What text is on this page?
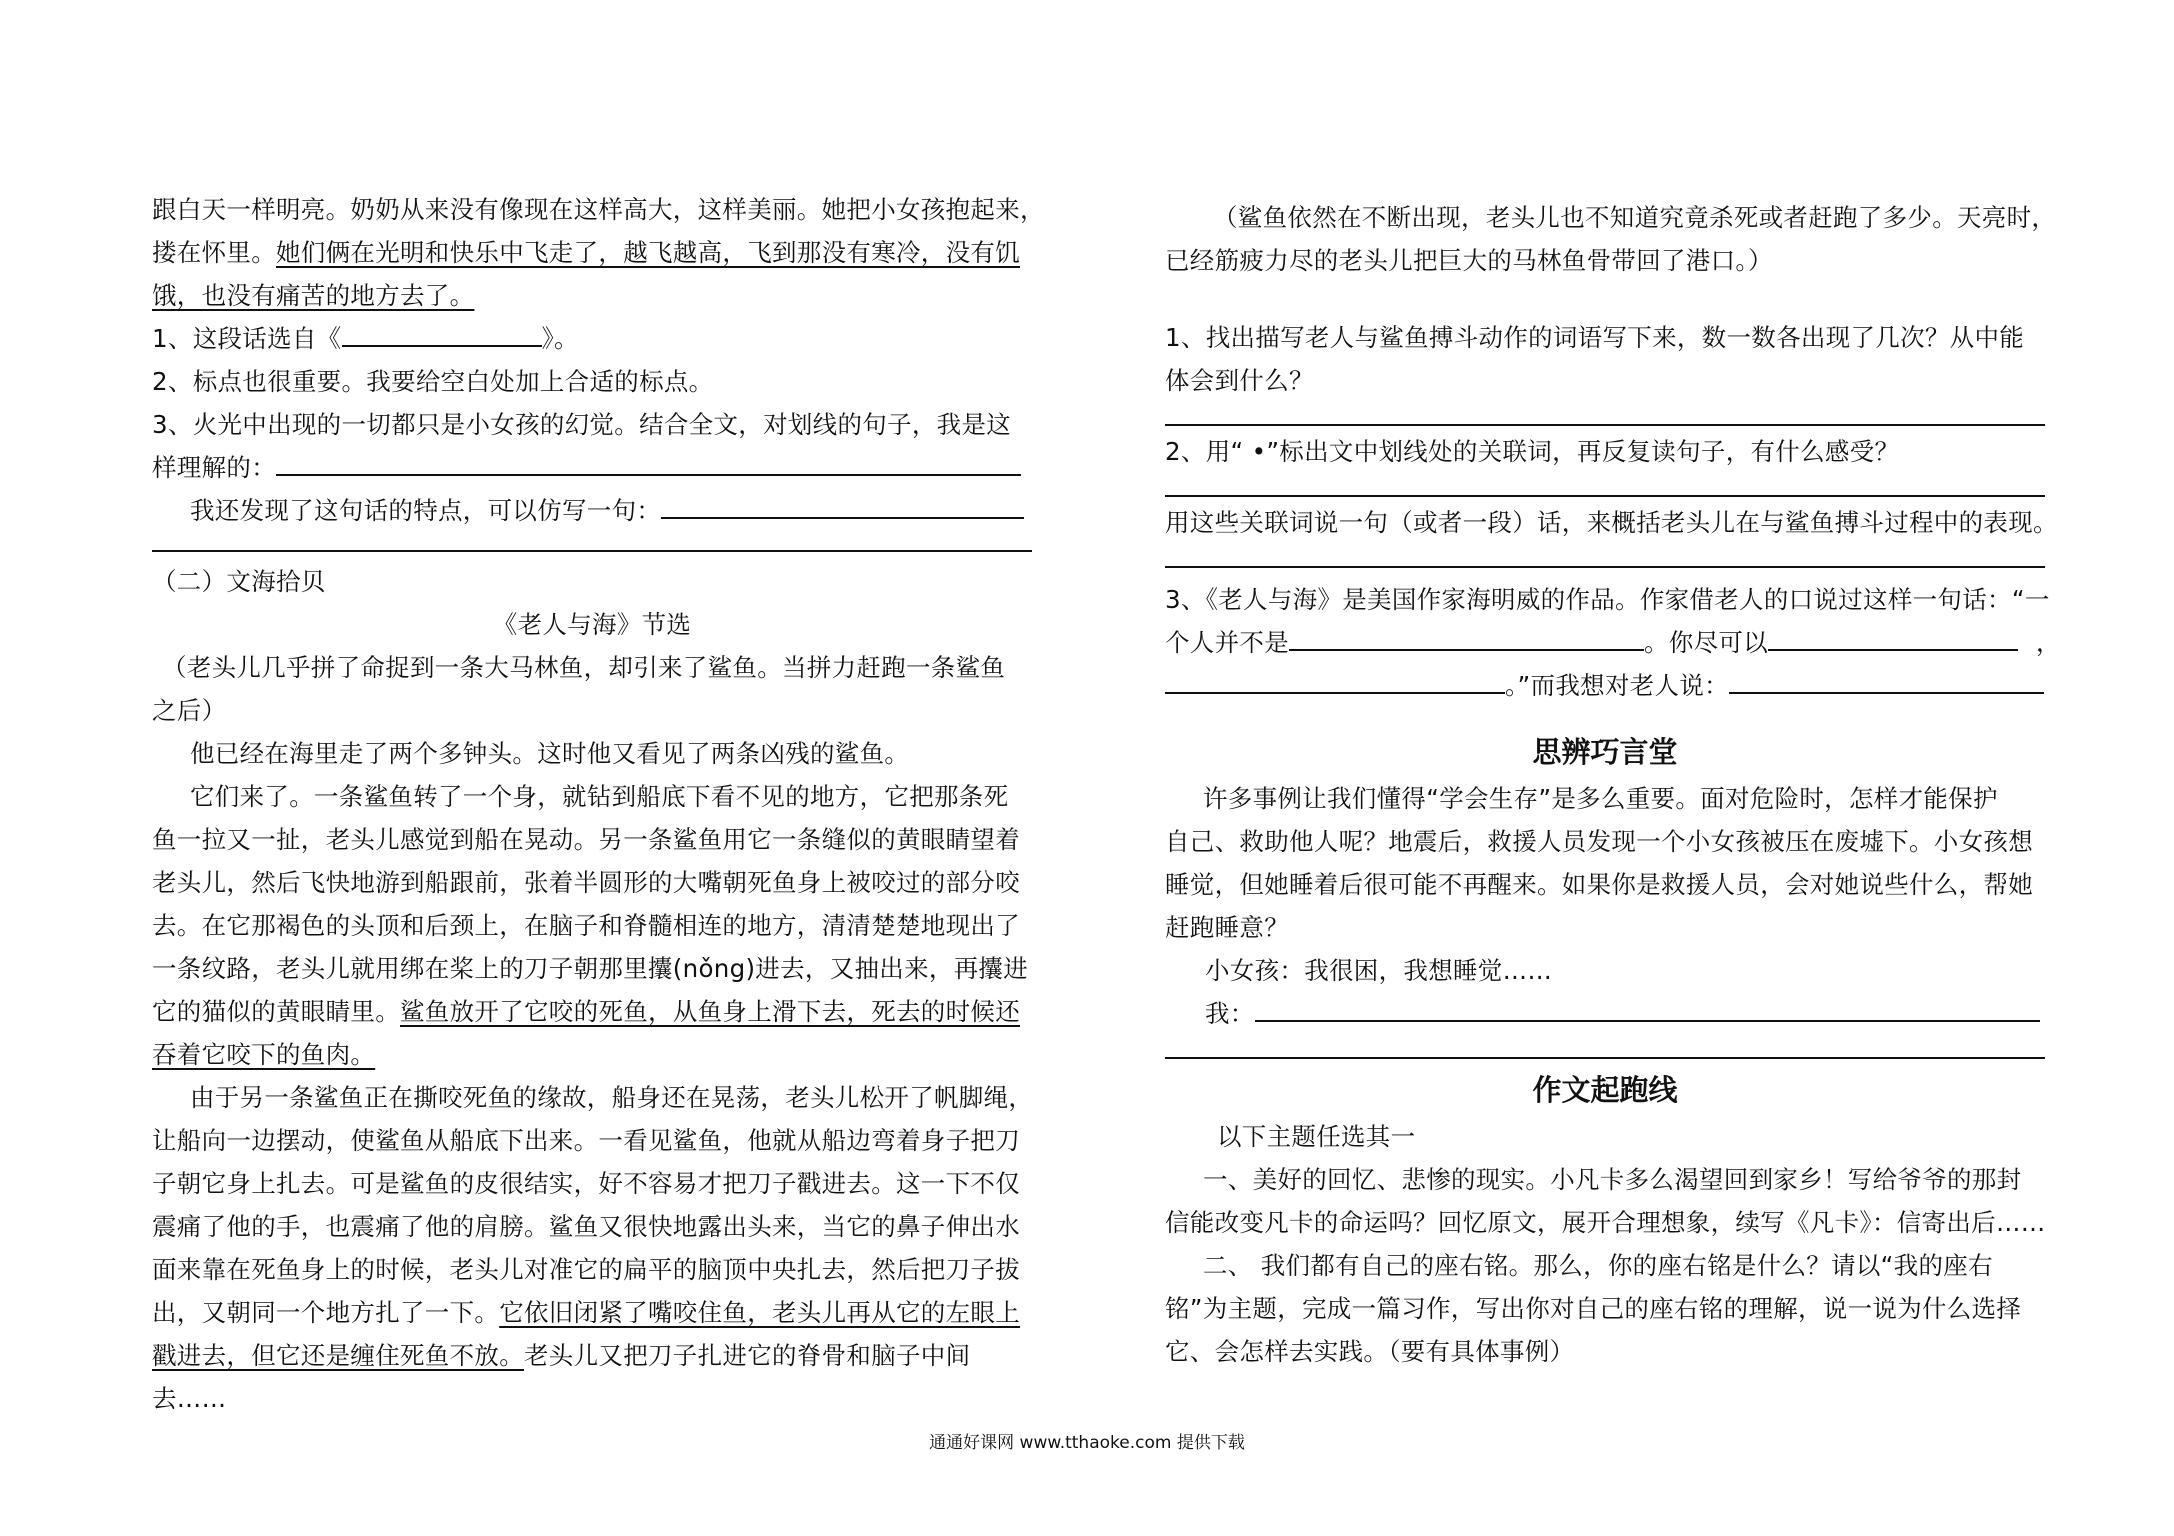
跟白天一样明亮。奶奶从来没有像现在这样高大，这样美丽。她把小女孩抱起来，
搂在怀里。她们俩在光明和快乐中飞走了，越飞越高，飞到那没有寒冷，没有饥
饿，也没有痛苦的地方去了。
1、这段话选自《	》。
2、标点也很重要。我要给空白处加上合适的标点。
3、火光中出现的一切都只是小女孩的幻觉。结合全文，对划线的句子，我是这
样理解的：
我还发现了这句话的特点，可以仿写一句：
（二）文海拾贝
《老人与海》节选
（老头儿几乎拼了命捉到一条大马林鱼，却引来了鲨鱼。当拼力赶跑一条鲨鱼
之后）
他已经在海里走了两个多钟头。这时他又看见了两条凶残的鲨鱼。
它们来了。一条鲨鱼转了一个身，就钻到船底下看不见的地方，它把那条死
鱼一拉又一扯，老头儿感觉到船在晃动。另一条鲨鱼用它一条缝似的黄眼睛望着
老头儿，然后飞快地游到船跟前，张着半圆形的大嘴朝死鱼身上被咬过的部分咬
去。在它那褐色的头顶和后颈上，在脑子和脊髓相连的地方，清清楚楚地现出了
一条纹路，老头儿就用绑在桨上的刀子朝那里攮(nǒng)进去，又抽出来，再攮进
它的猫似的黄眼睛里。鲨鱼放开了它咬的死鱼，从鱼身上滑下去，死去的时候还
吞着它咬下的鱼肉。
由于另一条鲨鱼正在撕咬死鱼的缘故，船身还在晃荡，老头儿松开了帆脚绳，
让船向一边摆动，使鲨鱼从船底下出来。一看见鲨鱼，他就从船边弯着身子把刀
子朝它身上扎去。可是鲨鱼的皮很结实，好不容易才把刀子戳进去。这一下不仅
震痛了他的手，也震痛了他的肩膀。鲨鱼又很快地露出头来，当它的鼻子伸出水
面来靠在死鱼身上的时候，老头儿对准它的扁平的脑顶中央扎去，然后把刀子拔
出，又朝同一个地方扎了一下。它依旧闭紧了嘴咬住鱼，老头儿再从它的左眼上
戳进去，但它还是缠住死鱼不放。老头儿又把刀子扎进它的脊骨和脑子中间
去……
（鲨鱼依然在不断出现，老头儿也不知道究竟杀死或者赶跑了多少。天亮时，
已经筋疲力尽的老头儿把巨大的马林鱼骨带回了港口。）
1、找出描写老人与鲨鱼搏斗动作的词语写下来，数一数各出现了几次？从中能
体会到什么？
2、用“ •”标出文中划线处的关联词，再反复读句子，有什么感受？
用这些关联词说一句（或者一段）话，来概括老头儿在与鲨鱼搏斗过程中的表现。
3、《老人与海》是美国作家海明威的作品。作家借老人的口说过这样一句话：“一
个人并不是	。你尽可以	，
。”而我想对老人说：
思辨巧言堂
许多事例让我们懂得“学会生存”是多么重要。面对危险时，怎样才能保护
自己、救助他人呢？地震后，救援人员发现一个小女孩被压在废墟下。小女孩想
睡觉，但她睡着后很可能不再醒来。如果你是救援人员，会对她说些什么，帮她
赶跑睡意？
小女孩：我很困，我想睡觉……
我：
作文起跑线
以下主题任选其一
一、美好的回忆、悲惨的现实。小凡卡多么渴望回到家乡！写给爷爷的那封
信能改变凡卡的命运吗？回忆原文，展开合理想象，续写《凡卡》：信寄出后……
二、 我们都有自己的座右铭。那么，你的座右铭是什么？请以“我的座右
铭”为主题，完成一篇习作，写出你对自己的座右铭的理解，说一说为什么选择
它、会怎样去实践。（要有具体事例）
通通好课网 www.tthaoke.com 提供下载
